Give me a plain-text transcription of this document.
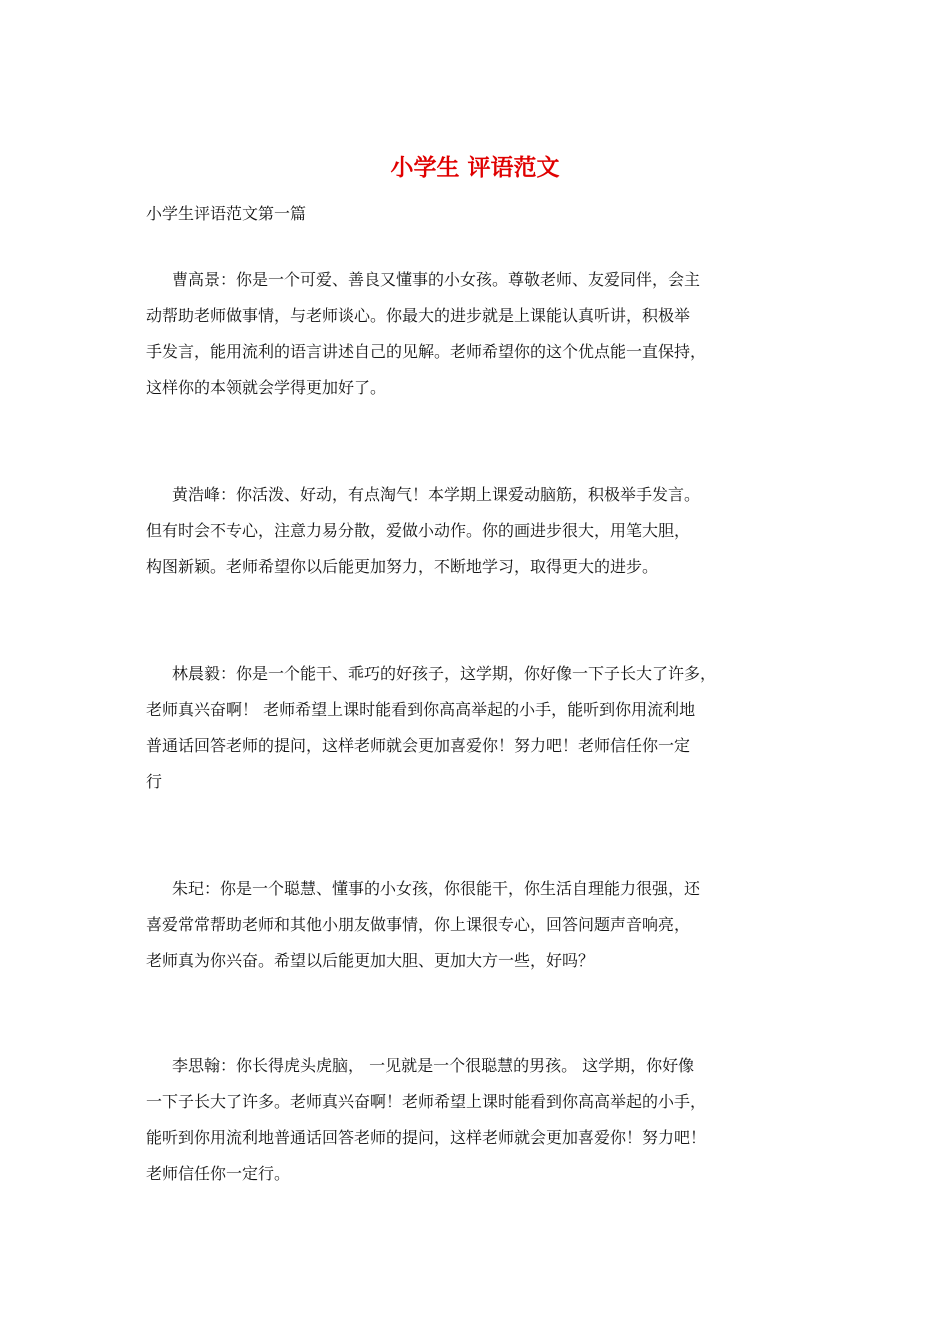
小学生 评语范文

小学生评语范文第一篇

曹高景：你是一个可爱、善良又懂事的小女孩。尊敬老师、友爱同伴，会主
动帮助老师做事情，与老师谈心。你最大的进步就是上课能认真听讲，积极举
手发言，能用流利的语言讲述自己的见解。老师希望你的这个优点能一直保持，
这样你的本领就会学得更加好了。
黄浩峰：你活泼、好动，有点淘气！本学期上课爱动脑筋，积极举手发言。
但有时会不专心，注意力易分散，爱做小动作。你的画进步很大，用笔大胆，
构图新颖。老师希望你以后能更加努力，不断地学习，取得更大的进步。
林晨毅：你是一个能干、乖巧的好孩子，这学期，你好像一下子长大了许多，
老师真兴奋啊！ 老师希望上课时能看到你高高举起的小手，能听到你用流利地
普通话回答老师的提问，这样老师就会更加喜爱你！努力吧！老师信任你一定
行
朱玘：你是一个聪慧、懂事的小女孩，你很能干，你生活自理能力很强，还
喜爱常常帮助老师和其他小朋友做事情，你上课很专心，回答问题声音响亮，
老师真为你兴奋。希望以后能更加大胆、更加大方一些，好吗？
李思翰：你长得虎头虎脑， 一见就是一个很聪慧的男孩。 这学期，你好像
一下子长大了许多。老师真兴奋啊！老师希望上课时能看到你高高举起的小手，
能听到你用流利地普通话回答老师的提问，这样老师就会更加喜爱你！努力吧！
老师信任你一定行。
